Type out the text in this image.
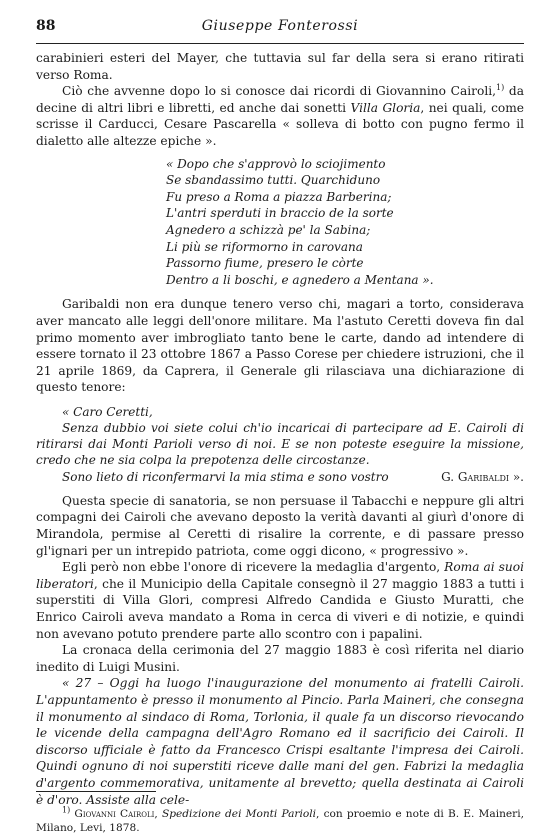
88	Giuseppe Fonterossi

carabinieri esteri del Mayer, che tuttavia sul far della sera si erano ritirati verso Roma.

Ciò che avvenne dopo lo si conosce dai ricordi di Giovannino Cairoli,$^{1)}$ da decine di altri libri e libretti, ed anche dai sonetti Villa Gloria, nei quali, come scrisse il Carducci, Cesare Pascarella « solleva di botto con pugno fermo il dialetto alle altezze epiche ».

« Dopo che s'approvò lo sciojimento
Se sbandassimo tutti. Quarchiduno
Fu preso a Roma a piazza Barberina;
L'antri sperduti in braccio de la sorte
Agnedero a schizzà pe' la Sabina;
Li più se riformorno in carovana
Passorno fiume, presero le còrte
Dentro a li boschi, e agnedero a Mentana ».

Garibaldi non era dunque tenero verso chi, magari a torto, considerava aver mancato alle leggi dell'onore militare. Ma l'astuto Ceretti doveva fin dal primo momento aver imbrogliato tanto bene le carte, dando ad intendere di essere tornato il 23 ottobre 1867 a Passo Corese per chiedere istruzioni, che il 21 aprile 1869, da Caprera, il Generale gli rilasciava una dichiarazione di questo tenore:

« Caro Ceretti,

Senza dubbio voi siete colui ch'io incaricai di partecipare ad E. Cairoli di ritirarsi dai Monti Parioli verso di noi. E se non poteste eseguire la missione, credo che ne sia colpa la prepotenza delle circostanze.

Sono lieto di riconfermarvi la mia stima e sono vostro	G. Garibaldi ».

Questa specie di sanatoria, se non persuase il Tabacchi e neppure gli altri compagni dei Cairoli che avevano deposto la verità davanti al giurì d'onore di Mirandola, permise al Ceretti di risalire la corrente, e di passare presso gl'ignari per un intrepido patriota, come oggi dicono, « progressivo ».

Egli però non ebbe l'onore di ricevere la medaglia d'argento, Roma ai suoi liberatori, che il Municipio della Capitale consegnò il 27 maggio 1883 a tutti i superstiti di Villa Glori, compresi Alfredo Candida e Giusto Muratti, che Enrico Cairoli aveva mandato a Roma in cerca di viveri e di notizie, e quindi non avevano potuto prendere parte allo scontro con i papalini.

La cronaca della cerimonia del 27 maggio 1883 è così riferita nel diario inedito di Luigi Musini.

« 27 – Oggi ha luogo l'inaugurazione del monumento ai fratelli Cairoli. L'appuntamento è presso il monumento al Pincio. Parla Maineri, che consegna il monumento al sindaco di Roma, Torlonia, il quale fa un discorso rievocando le vicende della campagna dell'Agro Romano ed il sacrificio dei Cairoli. Il discorso ufficiale è fatto da Francesco Crispi esaltante l'impresa dei Cairoli. Quindi ognuno di noi superstiti riceve dalle mani del gen. Fabrizi la medaglia d'argento commemorativa, unitamente al brevetto; quella destinata ai Cairoli è d'oro. Assiste alla cele-

$^{1)}$ Giovanni Cairoli, Spedizione dei Monti Parioli, con proemio e note di B. E. Maineri, Milano, Levi, 1878.
